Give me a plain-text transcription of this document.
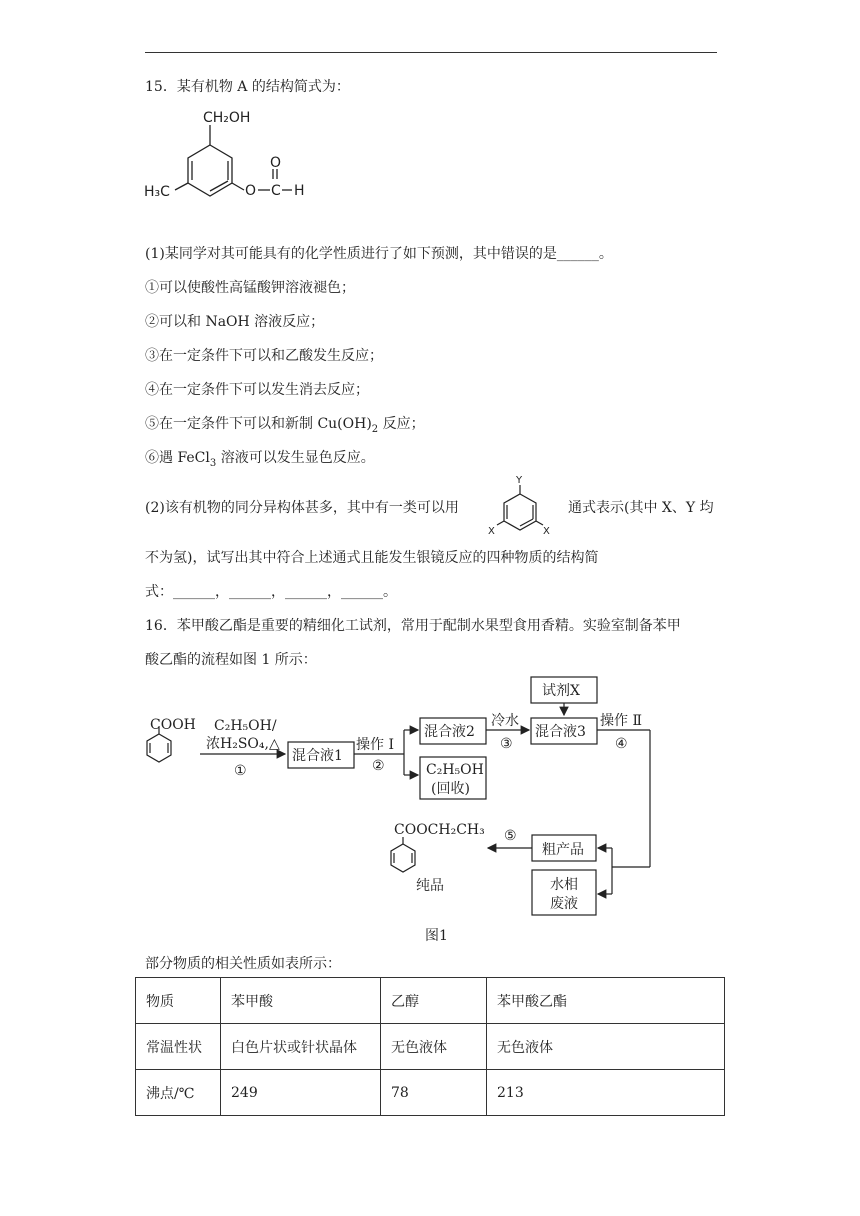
15．某有机物 A 的结构简式为：
CH₂OH
H₃C	O
O
C H
(1)某同学对其可能具有的化学性质进行了如下预测，其中错误的是______。
①可以使酸性高锰酸钾溶液褪色；
②可以和 NaOH 溶液反应；
③在一定条件下可以和乙酸发生反应；
④在一定条件下可以发生消去反应；
⑤在一定条件下可以和新制 $Cu(OH)_2$ 反应；
⑥遇 FeCl$_3$ 溶液可以发生显色反应。
(2)该有机物的同分异构体甚多，其中有一类可以用
Y
X	X
通式表示(其中 X、Y 均
不为氢)，试写出其中符合上述通式且能发生银镜反应的四种物质的结构简
式：______，______，______，______。
16．苯甲酸乙酯是重要的精细化工试剂，常用于配制水果型食用香精。实验室制备苯甲
酸乙酯的流程如图 1 所示：
COOH C₂H₅OH/
浓H₂SO₄,△
①
混合液1
操作 Ⅰ
②
混合液2
C₂H₅OH
(回收)
冷水
③
试剂X
混合液3
操作 Ⅱ
④
粗产品
水相
废液
⑤
COOCH₂CH₃
纯品
图1
部分物质的相关性质如表所示：
物质	苯甲酸	乙醇	苯甲酸乙酯
常温性状	白色片状或针状晶体	无色液体	无色液体
沸点/℃	249	78	213
